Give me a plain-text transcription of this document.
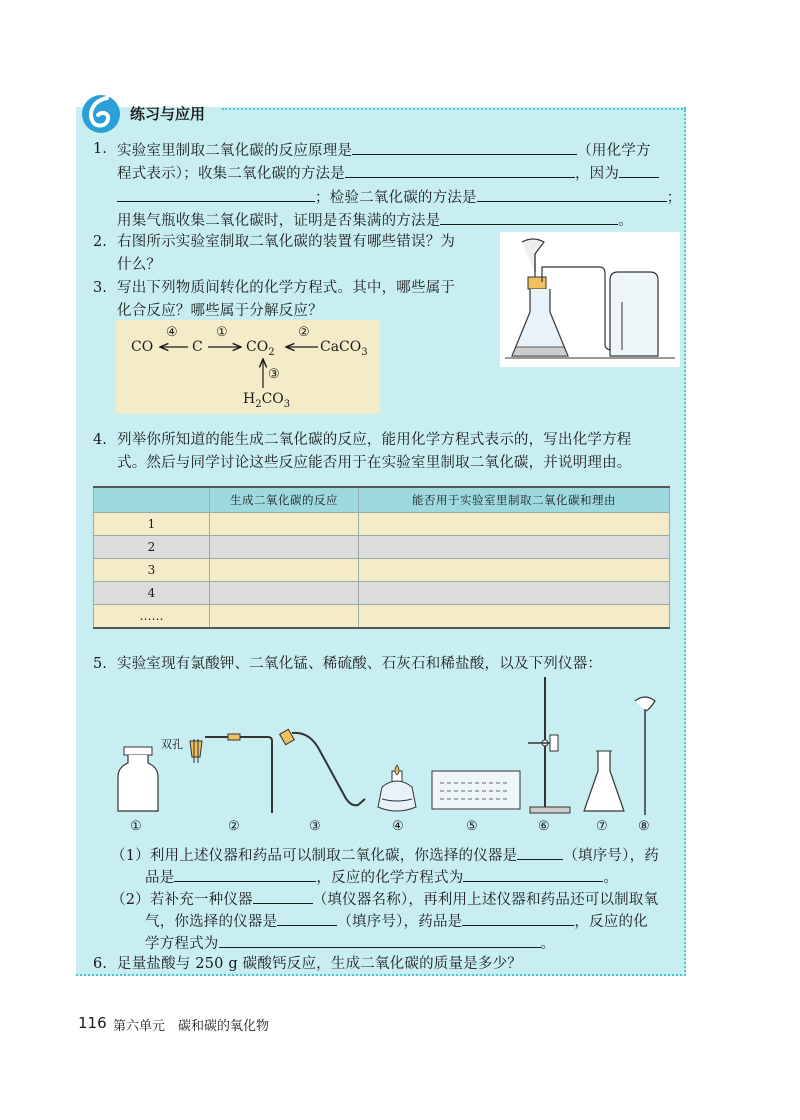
练习与应用
1. 实验室里制取二氧化碳的反应原理是	（用化学方
程式表示）；收集二氧化碳的方法是	，因为
；检验二氧化碳的方法是	；
用集气瓶收集二氧化碳时，证明是否集满的方法是	。
2. 右图所示实验室制取二氧化碳的装置有哪些错误？为
什么？
3. 写出下列物质间转化的化学方程式。其中，哪些属于
化合反应？哪些属于分解反应？
CO	C	$CO_2$	CaCO$_3$
$H_2CO_3$
④	①	②
③
4. 列举你所知道的能生成二氧化碳的反应，能用化学方程式表示的，写出化学方程
式。然后与同学讨论这些反应能否用于在实验室里制取二氧化碳，并说明理由。
	生成二氧化碳的反应	能否用于实验室里制取二氧化碳和理由
1		
2		
3		
4		
……		
5. 实验室现有氯酸钾、二氧化锰、稀硫酸、石灰石和稀盐酸，以及下列仪器：
双孔
①	②	③	④	⑤	⑥	⑦ ⑧
（1）利用上述仪器和药品可以制取二氧化碳，你选择的仪器是	（填序号），药
品是	，反应的化学方程式为	。
（2）若补充一种仪器	（填仪器名称），再利用上述仪器和药品还可以制取氧
气，你选择的仪器是	（填序号），药品是	，反应的化
学方程式为	。
6. 足量盐酸与 250 g 碳酸钙反应，生成二氧化碳的质量是多少？
116 第六单元　碳和碳的氧化物
